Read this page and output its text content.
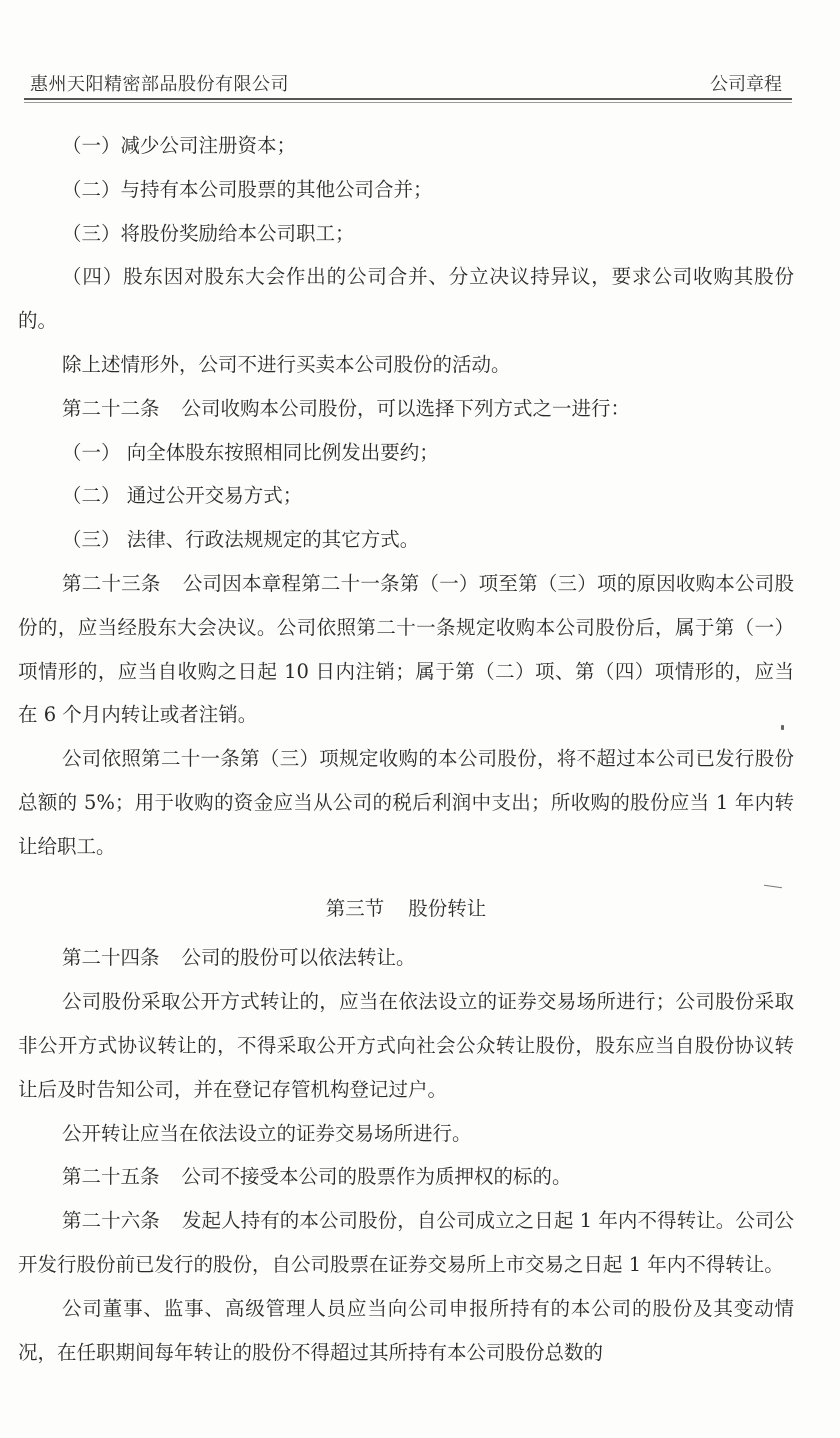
惠州天阳精密部品股份有限公司	公司章程

（一）减少公司注册资本；

（二）与持有本公司股票的其他公司合并；

（三）将股份奖励给本公司职工；

（四）股东因对股东大会作出的公司合并、分立决议持异议，要求公司收购其股份的。

除上述情形外，公司不进行买卖本公司股份的活动。

第二十二条 公司收购本公司股份，可以选择下列方式之一进行：

（一） 向全体股东按照相同比例发出要约；

（二） 通过公开交易方式；

（三） 法律、行政法规规定的其它方式。

第二十三条 公司因本章程第二十一条第（一）项至第（三）项的原因收购本公司股份的，应当经股东大会决议。公司依照第二十一条规定收购本公司股份后，属于第（一）项情形的，应当自收购之日起 10 日内注销；属于第（二）项、第（四）项情形的，应当在 6 个月内转让或者注销。

公司依照第二十一条第（三）项规定收购的本公司股份，将不超过本公司已发行股份总额的 5%；用于收购的资金应当从公司的税后利润中支出；所收购的股份应当 1 年内转让给职工。

第三节 股份转让

第二十四条 公司的股份可以依法转让。

公司股份采取公开方式转让的，应当在依法设立的证券交易场所进行；公司股份采取非公开方式协议转让的，不得采取公开方式向社会公众转让股份，股东应当自股份协议转让后及时告知公司，并在登记存管机构登记过户。

公开转让应当在依法设立的证券交易场所进行。

第二十五条 公司不接受本公司的股票作为质押权的标的。

第二十六条 发起人持有的本公司股份，自公司成立之日起 1 年内不得转让。公司公开发行股份前已发行的股份，自公司股票在证券交易所上市交易之日起 1 年内不得转让。

公司董事、监事、高级管理人员应当向公司申报所持有的本公司的股份及其变动情况，在任职期间每年转让的股份不得超过其所持有本公司股份总数的
